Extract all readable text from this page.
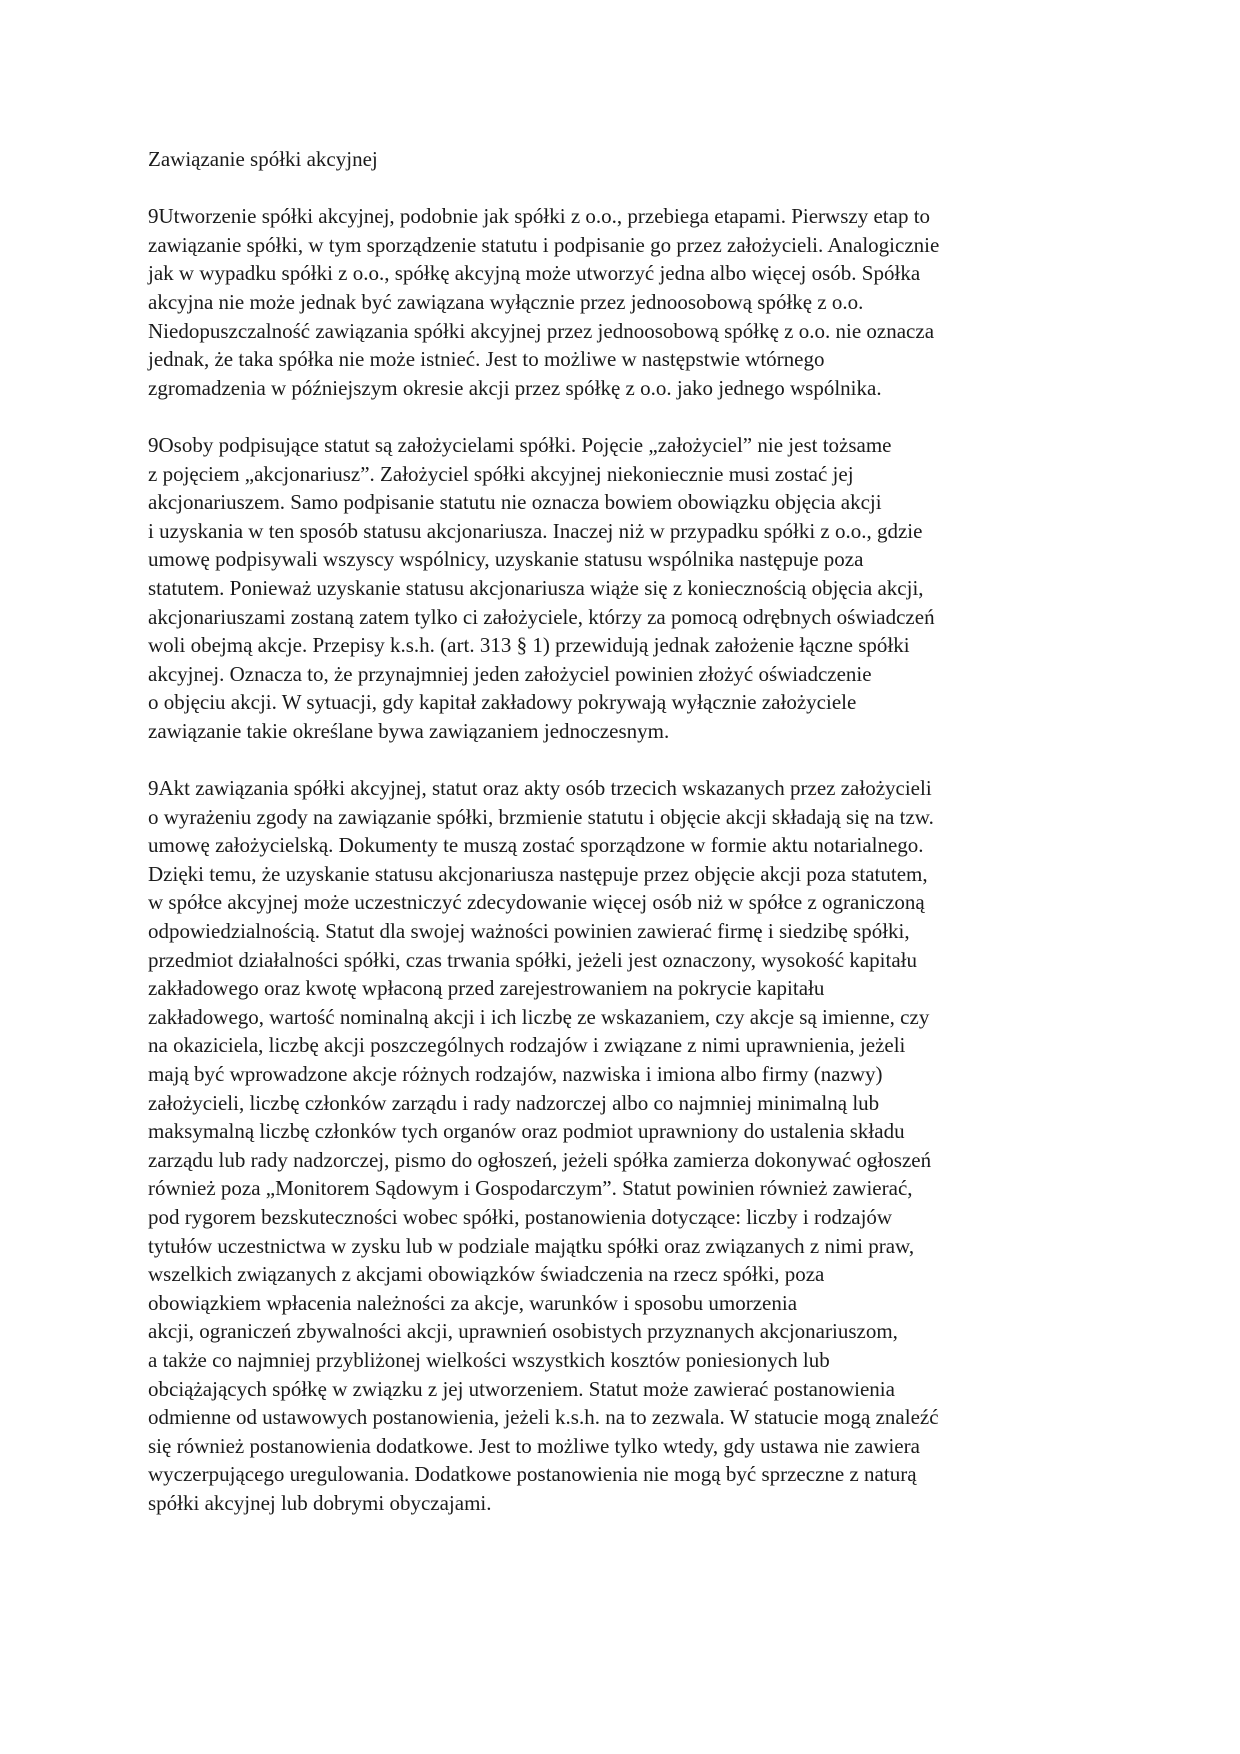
Zawiązanie spółki akcyjnej
9Utworzenie spółki akcyjnej, podobnie jak spółki z o.o., przebiega etapami. Pierwszy etap to
zawiązanie spółki, w tym sporządzenie statutu i podpisanie go przez założycieli. Analogicznie
jak w wypadku spółki z o.o., spółkę akcyjną może utworzyć jedna albo więcej osób. Spółka
akcyjna nie może jednak być zawiązana wyłącznie przez jednoosobową spółkę z o.o.
Niedopuszczalność zawiązania spółki akcyjnej przez jednoosobową spółkę z o.o. nie oznacza
jednak, że taka spółka nie może istnieć. Jest to możliwe w następstwie wtórnego
zgromadzenia w późniejszym okresie akcji przez spółkę z o.o. jako jednego wspólnika.
9Osoby podpisujące statut są założycielami spółki. Pojęcie „założyciel” nie jest tożsame
z pojęciem „akcjonariusz”. Założyciel spółki akcyjnej niekoniecznie musi zostać jej
akcjonariuszem. Samo podpisanie statutu nie oznacza bowiem obowiązku objęcia akcji
i uzyskania w ten sposób statusu akcjonariusza. Inaczej niż w przypadku spółki z o.o., gdzie
umowę podpisywali wszyscy wspólnicy, uzyskanie statusu wspólnika następuje poza
statutem. Ponieważ uzyskanie statusu akcjonariusza wiąże się z koniecznością objęcia akcji,
akcjonariuszami zostaną zatem tylko ci założyciele, którzy za pomocą odrębnych oświadczeń
woli obejmą akcje. Przepisy k.s.h. (art. 313 § 1) przewidują jednak założenie łączne spółki
akcyjnej. Oznacza to, że przynajmniej jeden założyciel powinien złożyć oświadczenie
o objęciu akcji. W sytuacji, gdy kapitał zakładowy pokrywają wyłącznie założyciele
zawiązanie takie określane bywa zawiązaniem jednoczesnym.
9Akt zawiązania spółki akcyjnej, statut oraz akty osób trzecich wskazanych przez założycieli
o wyrażeniu zgody na zawiązanie spółki, brzmienie statutu i objęcie akcji składają się na tzw.
umowę założycielską. Dokumenty te muszą zostać sporządzone w formie aktu notarialnego.
Dzięki temu, że uzyskanie statusu akcjonariusza następuje przez objęcie akcji poza statutem,
w spółce akcyjnej może uczestniczyć zdecydowanie więcej osób niż w spółce z ograniczoną
odpowiedzialnością. Statut dla swojej ważności powinien zawierać firmę i siedzibę spółki,
przedmiot działalności spółki, czas trwania spółki, jeżeli jest oznaczony, wysokość kapitału
zakładowego oraz kwotę wpłaconą przed zarejestrowaniem na pokrycie kapitału
zakładowego, wartość nominalną akcji i ich liczbę ze wskazaniem, czy akcje są imienne, czy
na okaziciela, liczbę akcji poszczególnych rodzajów i związane z nimi uprawnienia, jeżeli
mają być wprowadzone akcje różnych rodzajów, nazwiska i imiona albo firmy (nazwy)
założycieli, liczbę członków zarządu i rady nadzorczej albo co najmniej minimalną lub
maksymalną liczbę członków tych organów oraz podmiot uprawniony do ustalenia składu
zarządu lub rady nadzorczej, pismo do ogłoszeń, jeżeli spółka zamierza dokonywać ogłoszeń
również poza „Monitorem Sądowym i Gospodarczym”. Statut powinien również zawierać,
pod rygorem bezskuteczności wobec spółki, postanowienia dotyczące: liczby i rodzajów
tytułów uczestnictwa w zysku lub w podziale majątku spółki oraz związanych z nimi praw,
wszelkich związanych z akcjami obowiązków świadczenia na rzecz spółki, poza
obowiązkiem wpłacenia należności za akcje, warunków i sposobu umorzenia
akcji, ograniczeń zbywalności akcji, uprawnień osobistych przyznanych akcjonariuszom,
a także co najmniej przybliżonej wielkości wszystkich kosztów poniesionych lub
obciążających spółkę w związku z jej utworzeniem. Statut może zawierać postanowienia
odmienne od ustawowych postanowienia, jeżeli k.s.h. na to zezwala. W statucie mogą znaleźć
się również postanowienia dodatkowe. Jest to możliwe tylko wtedy, gdy ustawa nie zawiera
wyczerpującego uregulowania. Dodatkowe postanowienia nie mogą być sprzeczne z naturą
spółki akcyjnej lub dobrymi obyczajami.
